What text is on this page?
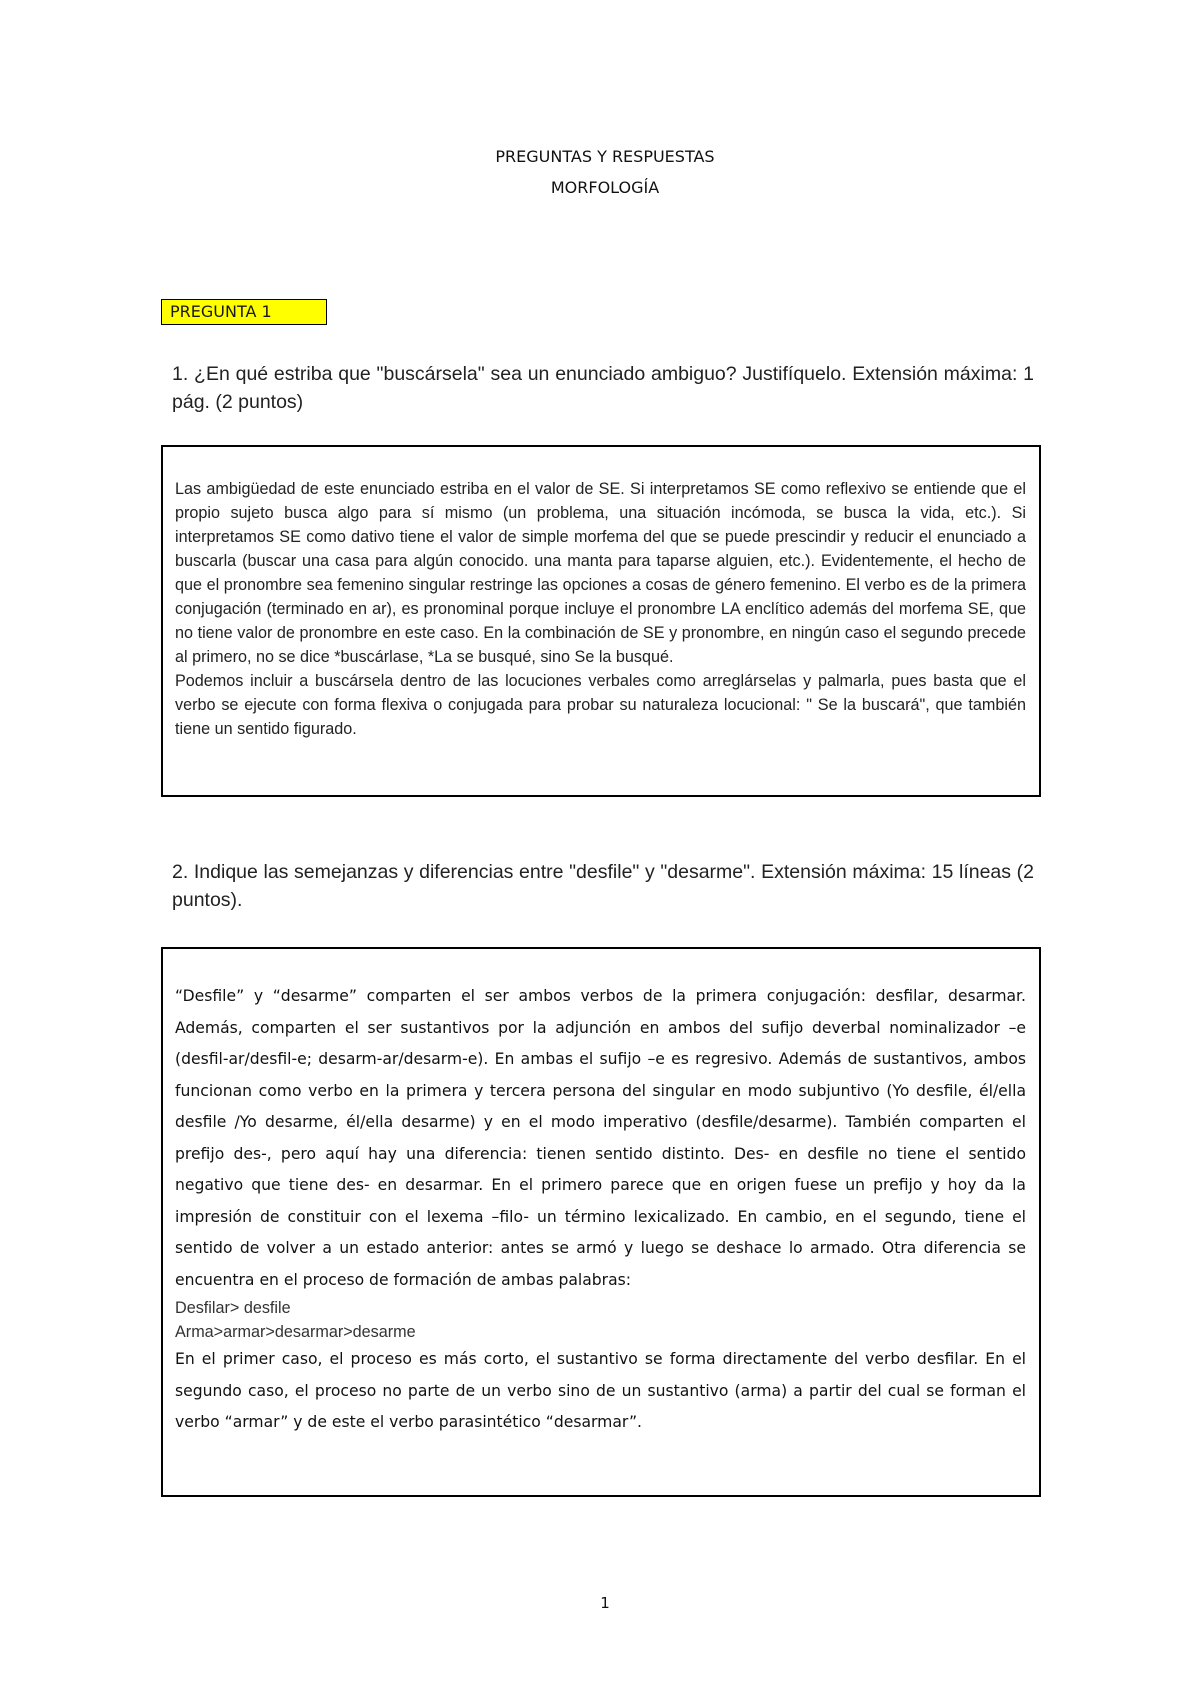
PREGUNTAS Y RESPUESTAS
MORFOLOGÍA
PREGUNTA 1
1. ¿En qué estriba que "buscársela" sea un enunciado ambiguo? Justifíquelo. Extensión máxima: 1 pág. (2 puntos)

Las ambigüedad de este enunciado estriba en el valor de SE. Si interpretamos SE como reflexivo se entiende que el propio sujeto busca algo para sí mismo (un problema, una situación incómoda, se busca la vida, etc.). Si interpretamos SE como dativo tiene el valor de simple morfema del que se puede prescindir y reducir el enunciado a buscarla (buscar una casa para algún conocido. una manta para taparse alguien, etc.). Evidentemente, el hecho de que el pronombre sea femenino singular restringe las opciones a cosas de género femenino. El verbo es de la primera conjugación (terminado en ar), es pronominal porque incluye el pronombre LA enclítico además del morfema SE, que no tiene valor de pronombre en este caso. En la combinación de SE y pronombre, en ningún caso el segundo precede al primero, no se dice *buscárlase, *La se busqué, sino Se la busqué.

Podemos incluir a buscársela dentro de las locuciones verbales como arreglárselas y palmarla, pues basta que el verbo se ejecute con forma flexiva o conjugada para probar su naturaleza locucional: " Se la buscará", que también tiene un sentido figurado.

2. Indique las semejanzas y diferencias entre "desfile" y "desarme". Extensión máxima: 15 líneas (2 puntos).

“Desfile” y “desarme” comparten el ser ambos verbos de la primera conjugación: desfilar, desarmar. Además, comparten el ser sustantivos por la adjunción en ambos del sufijo deverbal nominalizador –e (desfil-ar/desfil-e; desarm-ar/desarm-e). En ambas el sufijo –e es regresivo. Además de sustantivos, ambos funcionan como verbo en la primera y tercera persona del singular en modo subjuntivo (Yo desfile, él/ella desfile /Yo desarme, él/ella desarme) y en el modo imperativo (desfile/desarme). También comparten el prefijo des-, pero aquí hay una diferencia: tienen sentido distinto. Des- en desfile no tiene el sentido negativo que tiene des- en desarmar. En el primero parece que en origen fuese un prefijo y hoy da la impresión de constituir con el lexema –filo- un término lexicalizado. En cambio, en el segundo, tiene el sentido de volver a un estado anterior: antes se armó y luego se deshace lo armado. Otra diferencia se encuentra en el proceso de formación de ambas palabras:

Desfilar> desfile

Arma>armar>desarmar>desarme

En el primer caso, el proceso es más corto, el sustantivo se forma directamente del verbo desfilar. En el segundo caso, el proceso no parte de un verbo sino de un sustantivo (arma) a partir del cual se forman el verbo “armar” y de este el verbo parasintético “desarmar”.

1
